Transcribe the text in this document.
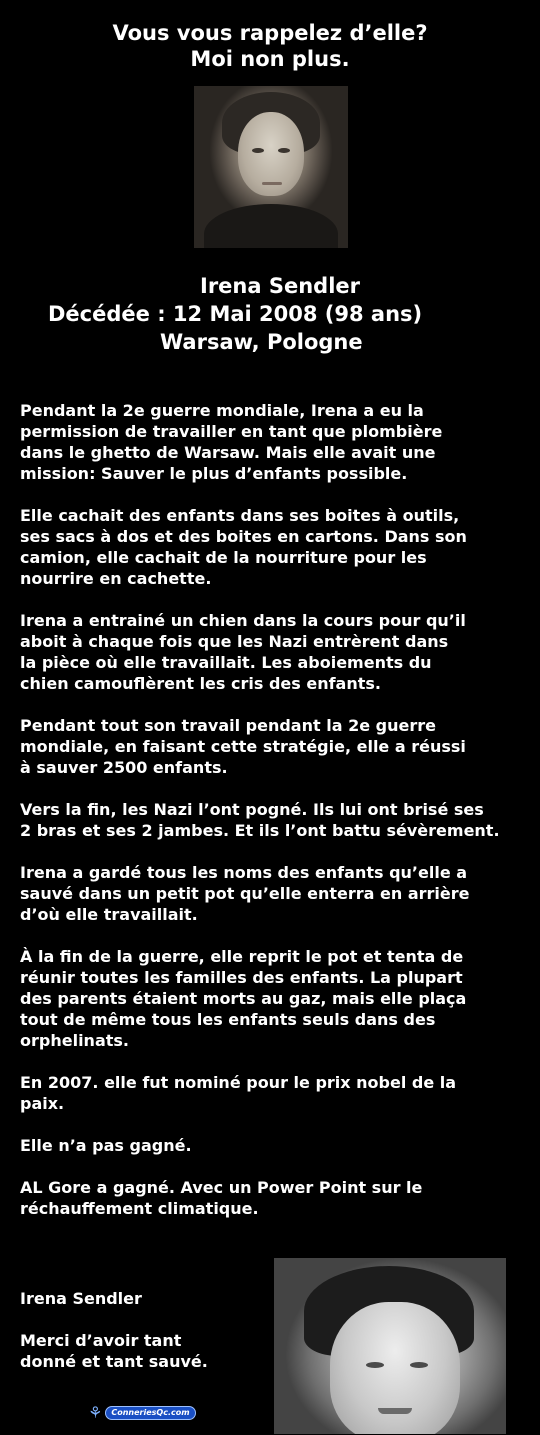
Vous vous rappelez d’elle?
Moi non plus.
Irena Sendler
Décédée : 12 Mai 2008 (98 ans)
Warsaw, Pologne

Pendant la 2e guerre mondiale, Irena a eu la
permission de travailler en tant que plombière
dans le ghetto de Warsaw. Mais elle avait une
mission: Sauver le plus d’enfants possible.

Elle cachait des enfants dans ses boites à outils,
ses sacs à dos et des boites en cartons. Dans son
camion, elle cachait de la nourriture pour les
nourrire en cachette.

Irena a entrainé un chien dans la cours pour qu’il
aboit à chaque fois que les Nazi entrèrent dans
la pièce où elle travaillait. Les aboiements du
chien camouflèrent les cris des enfants.

Pendant tout son travail pendant la 2e guerre
mondiale, en faisant cette stratégie, elle a réussi
à sauver 2500 enfants.

Vers la fin, les Nazi l’ont pogné. Ils lui ont brisé ses
2 bras et ses 2 jambes. Et ils l’ont battu sévèrement.

Irena a gardé tous les noms des enfants qu’elle a
sauvé dans un petit pot qu’elle enterra en arrière
d’où elle travaillait.

À la fin de la guerre, elle reprit le pot et tenta de
réunir toutes les familles des enfants. La plupart
des parents étaient morts au gaz, mais elle plaça
tout de même tous les enfants seuls dans des
orphelinats.

En 2007. elle fut nominé pour le prix nobel de la
paix.

Elle n’a pas gagné.

AL Gore a gagné. Avec un Power Point sur le
réchauffement climatique.

Irena Sendler
Merci d’avoir tant
donné et tant sauvé.
⚘	ConneriesQc.com
